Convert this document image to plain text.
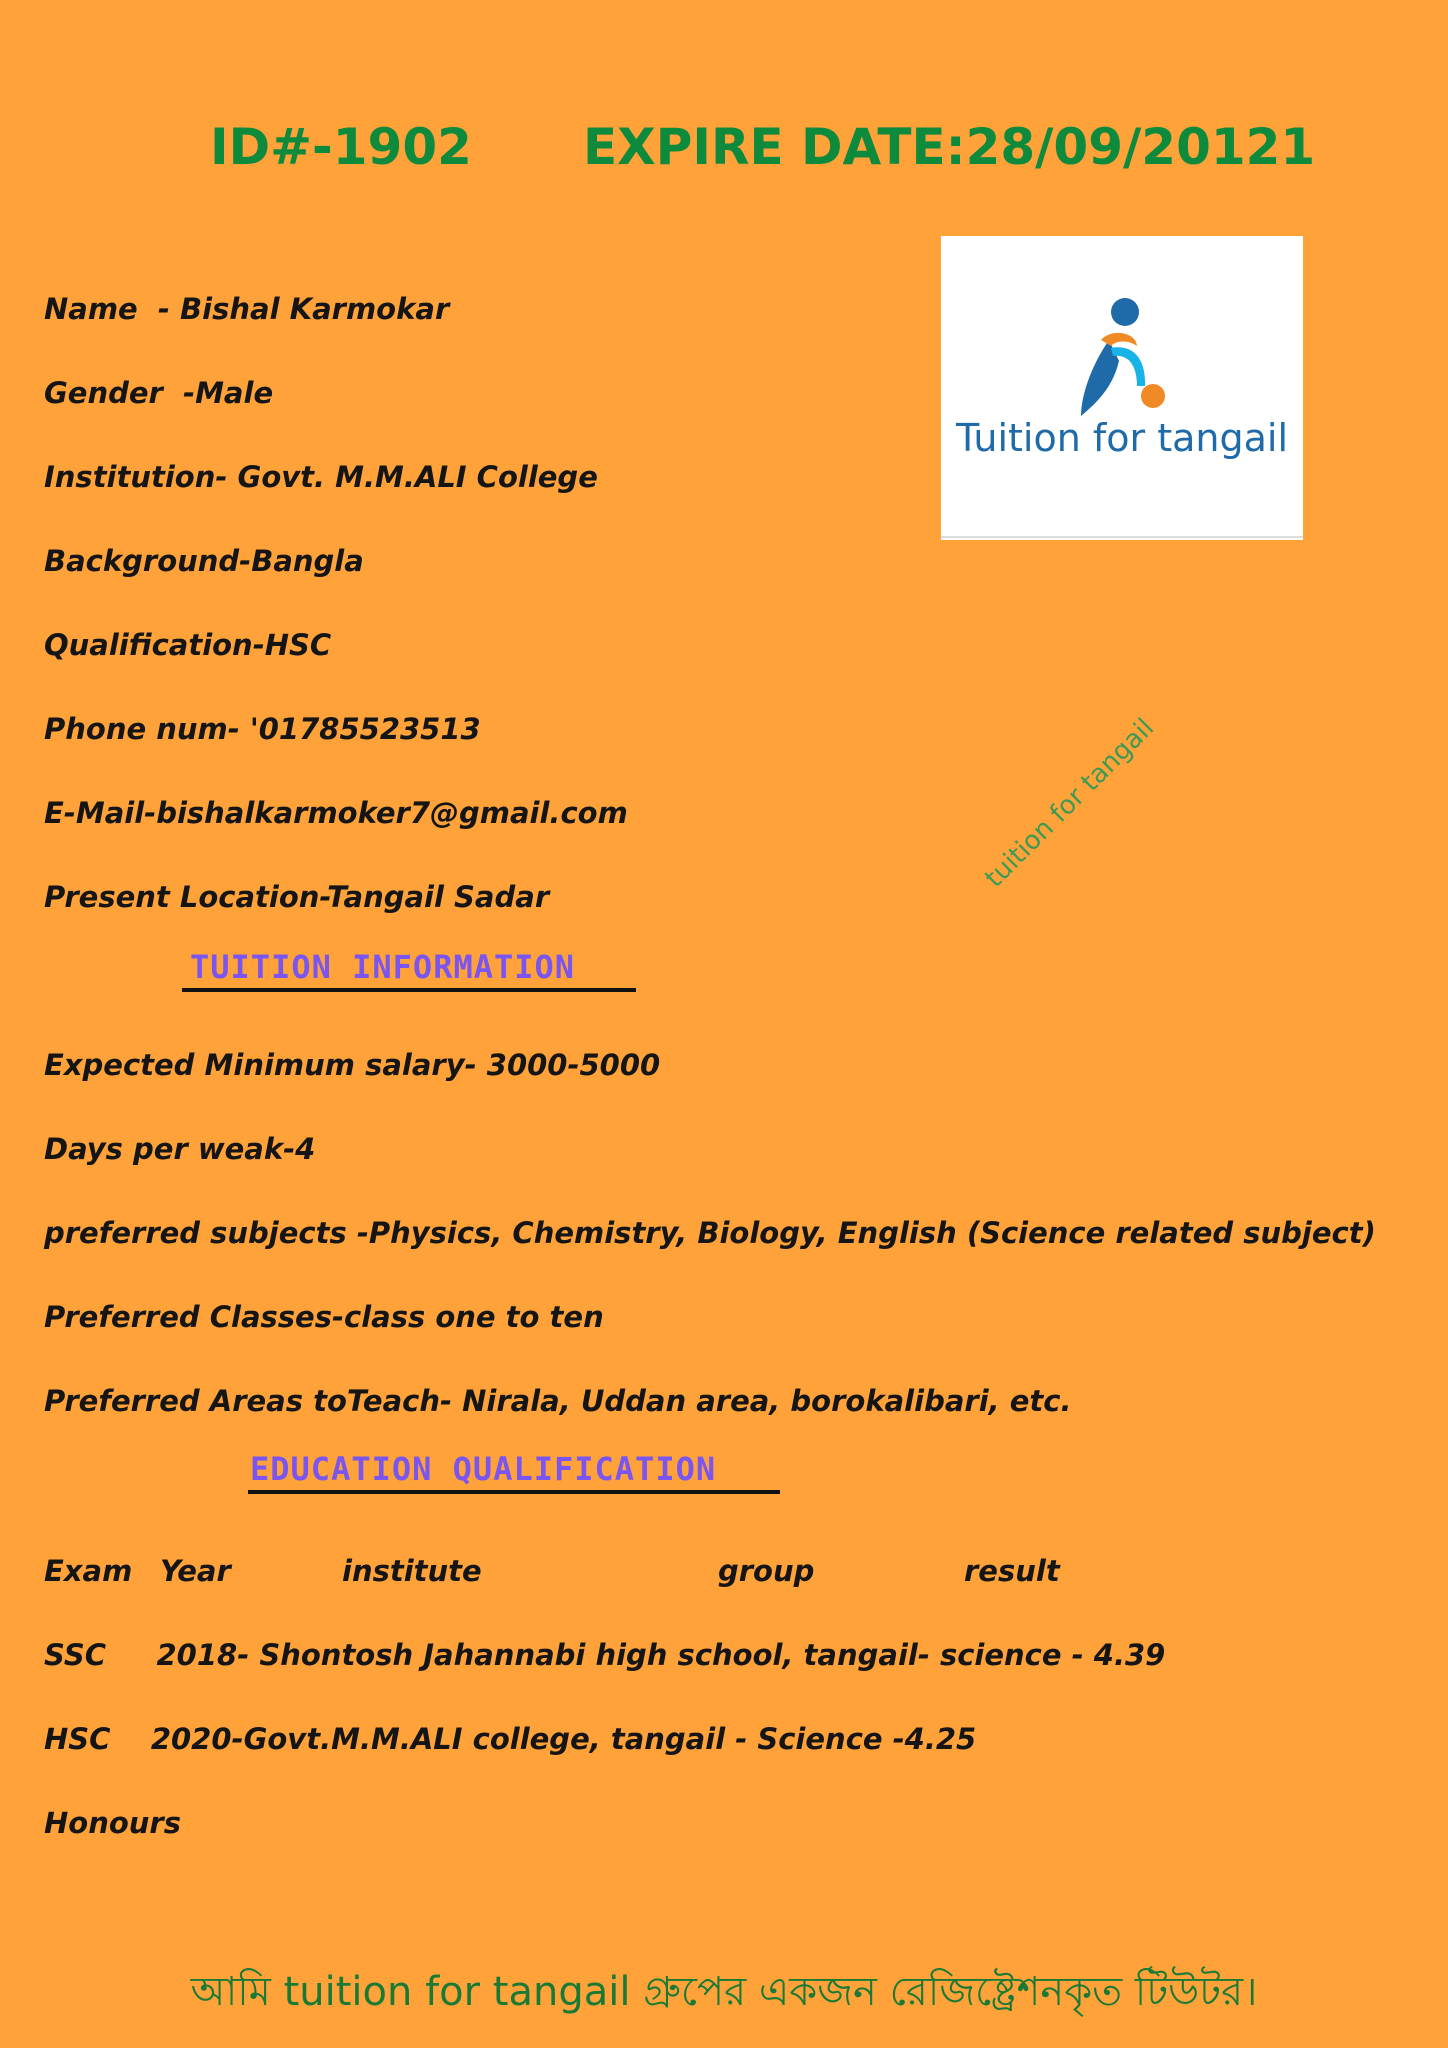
ID#-1902 EXPIRE DATE:28/09/20121
Name  - Bishal Karmokar
Gender  -Male
Institution- Govt. M.M.ALI College
Background-Bangla
Qualification-HSC
Phone num- '01785523513
E-Mail-bishalkarmoker7@gmail.com
Present Location-Tangail Sadar
Tuition for tangail
tuition for tangail
TUITION INFORMATION
Expected Minimum salary- 3000-5000
Days per weak-4
preferred subjects -Physics, Chemistry, Biology, English (Science related subject)
Preferred Classes-class one to ten
Preferred Areas toTeach- Nirala, Uddan area, borokalibari, etc.
EDUCATION QUALIFICATION
Exam Year	institute	group	result
SSC     2018- Shontosh Jahannabi high school, tangail- science - 4.39
HSC    2020-Govt.M.M.ALI college, tangail - Science -4.25
Honours
আমি tuition for tangail গ্রুপের একজন রেজিষ্ট্রেশনকৃত টিউটর।
